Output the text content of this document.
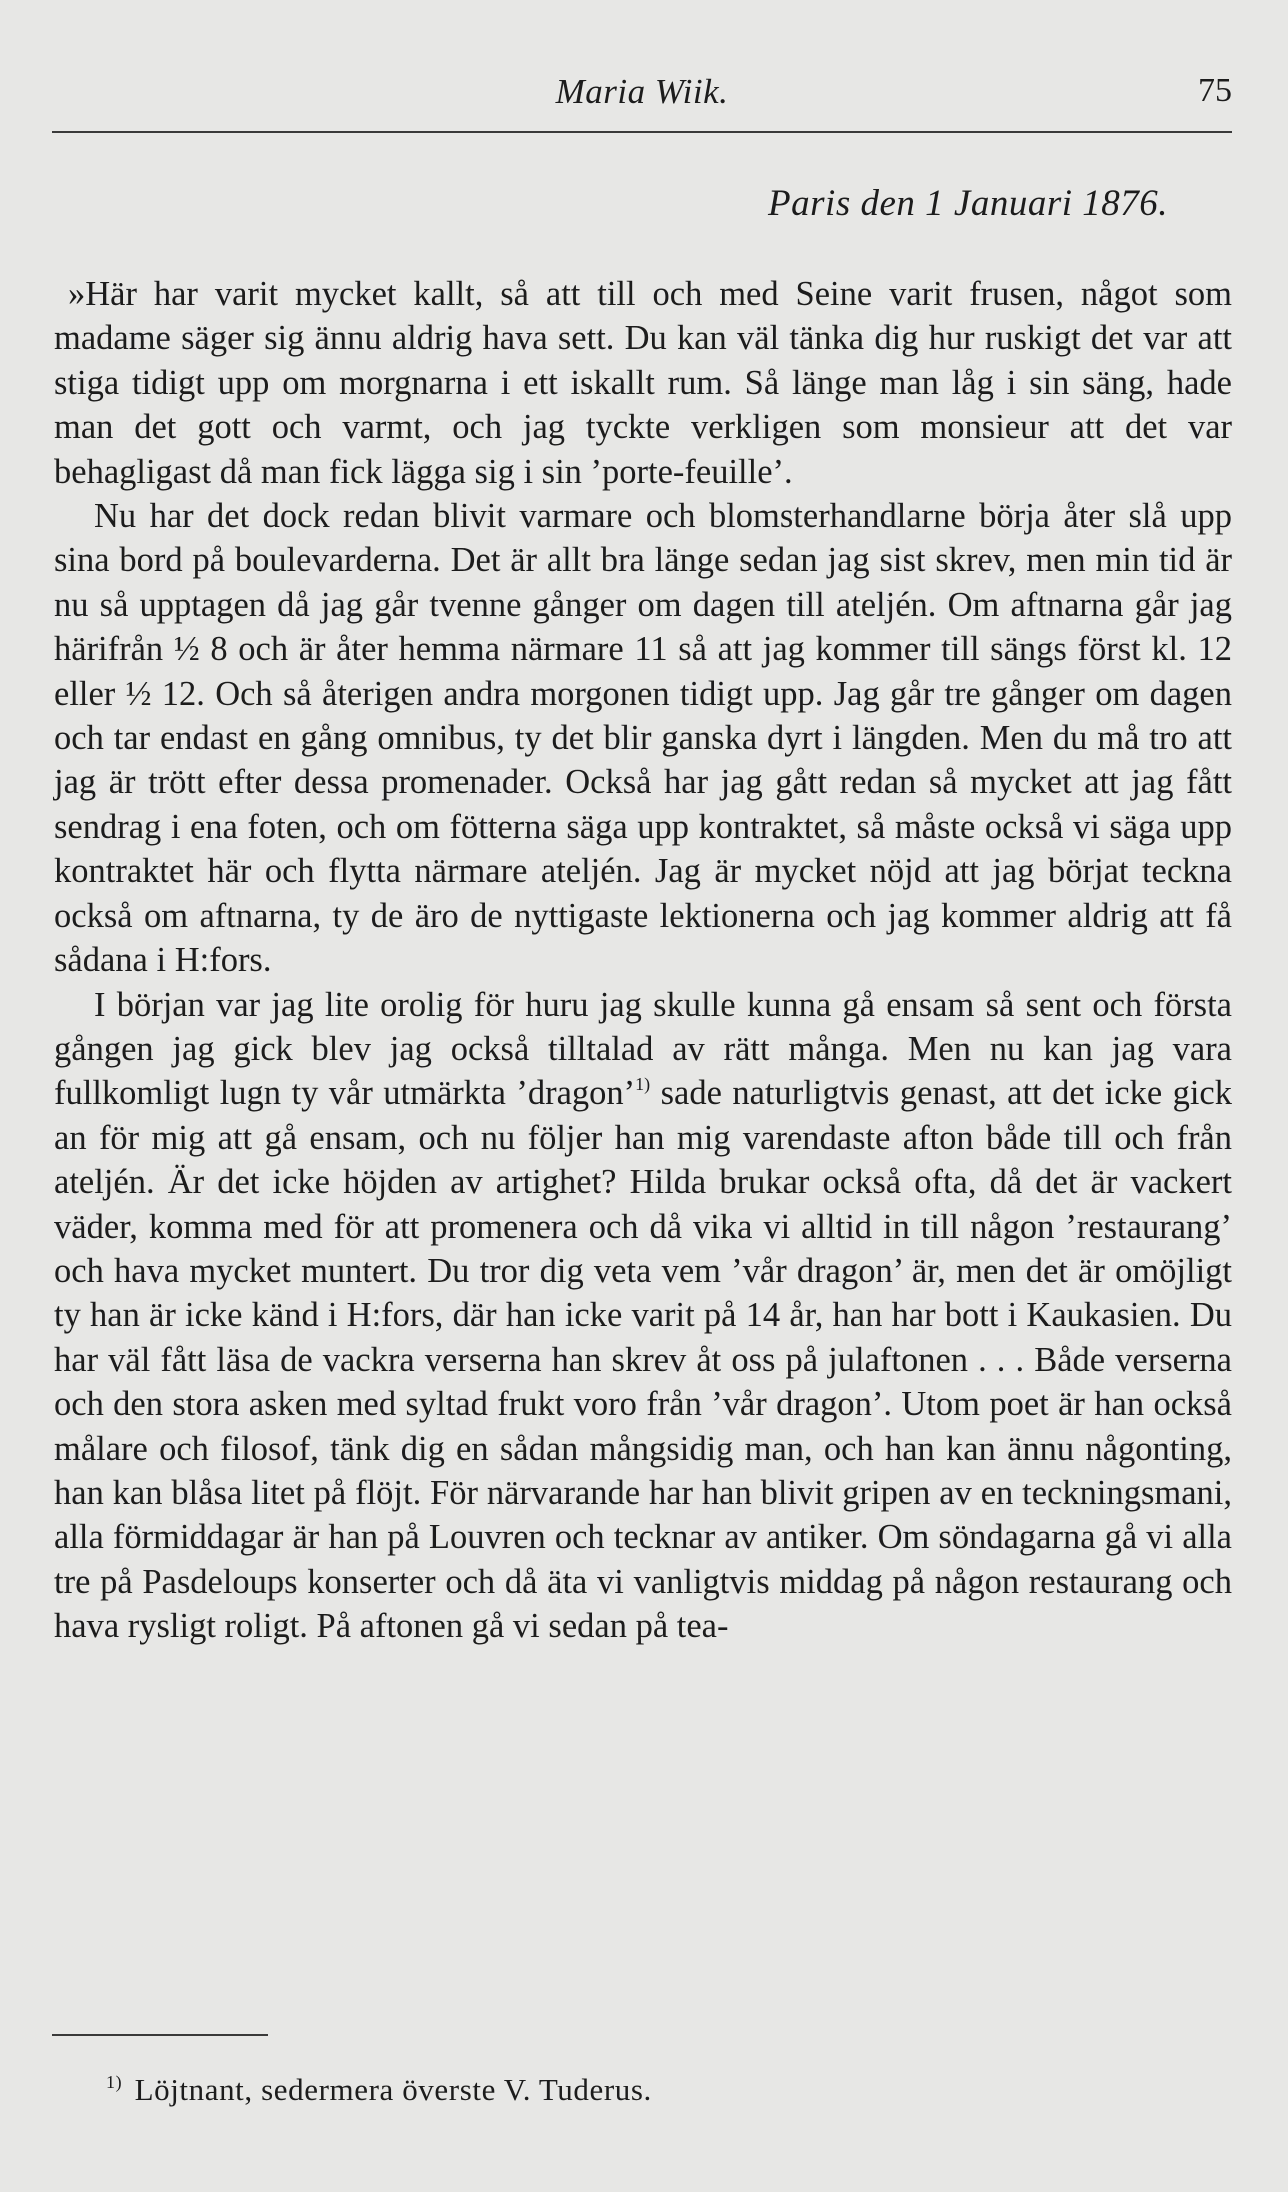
Maria Wiik.	75
Paris den 1 Januari 1876.

»Här har varit mycket kallt, så att till och med Seine varit frusen, något som madame säger sig ännu aldrig hava sett. Du kan väl tänka dig hur ruskigt det var att stiga tidigt upp om morgnarna i ett iskallt rum. Så länge man låg i sin säng, hade man det gott och varmt, och jag tyckte verkligen som monsieur att det var behagligast då man fick lägga sig i sin ’porte-feuille’.

Nu har det dock redan blivit varmare och blomsterhandlarne börja åter slå upp sina bord på boulevarderna. Det är allt bra länge sedan jag sist skrev, men min tid är nu så upptagen då jag går tvenne gånger om dagen till ateljén. Om aftnarna går jag härifrån ½ 8 och är åter hemma närmare 11 så att jag kommer till sängs först kl. 12 eller ½ 12. Och så återigen andra morgonen tidigt upp. Jag går tre gånger om dagen och tar endast en gång omnibus, ty det blir ganska dyrt i längden. Men du må tro att jag är trött efter dessa promenader. Också har jag gått redan så mycket att jag fått sendrag i ena foten, och om fötterna säga upp kontraktet, så måste också vi säga upp kontraktet här och flytta närmare ateljén. Jag är mycket nöjd att jag börjat teckna också om aftnarna, ty de äro de nyttigaste lektionerna och jag kommer aldrig att få sådana i H:fors.

I början var jag lite orolig för huru jag skulle kunna gå ensam så sent och första gången jag gick blev jag också tilltalad av rätt många. Men nu kan jag vara fullkomligt lugn ty vår utmärkta ’dragon’$^{1)}$ sade naturligtvis genast, att det icke gick an för mig att gå ensam, och nu följer han mig varendaste afton både till och från ateljén. Är det icke höjden av artighet? Hilda brukar också ofta, då det är vackert väder, komma med för att promenera och då vika vi alltid in till någon ’restaurang’ och hava mycket muntert. Du tror dig veta vem ’vår dragon’ är, men det är omöjligt ty han är icke känd i H:fors, där han icke varit på 14 år, han har bott i Kaukasien. Du har väl fått läsa de vackra verserna han skrev åt oss på julaftonen . . . Både verserna och den stora asken med syltad frukt voro från ’vår dragon’. Utom poet är han också målare och filosof, tänk dig en sådan mångsidig man, och han kan ännu någonting, han kan blåsa litet på flöjt. För närvarande har han blivit gripen av en teckningsmani, alla förmiddagar är han på Louvren och tecknar av antiker. Om söndagarna gå vi alla tre på Pasdeloups konserter och då äta vi vanligtvis middag på någon restaurang och hava rysligt roligt. På aftonen gå vi sedan på tea-

$^{1)}$ Löjtnant, sedermera överste V. Tuderus.
